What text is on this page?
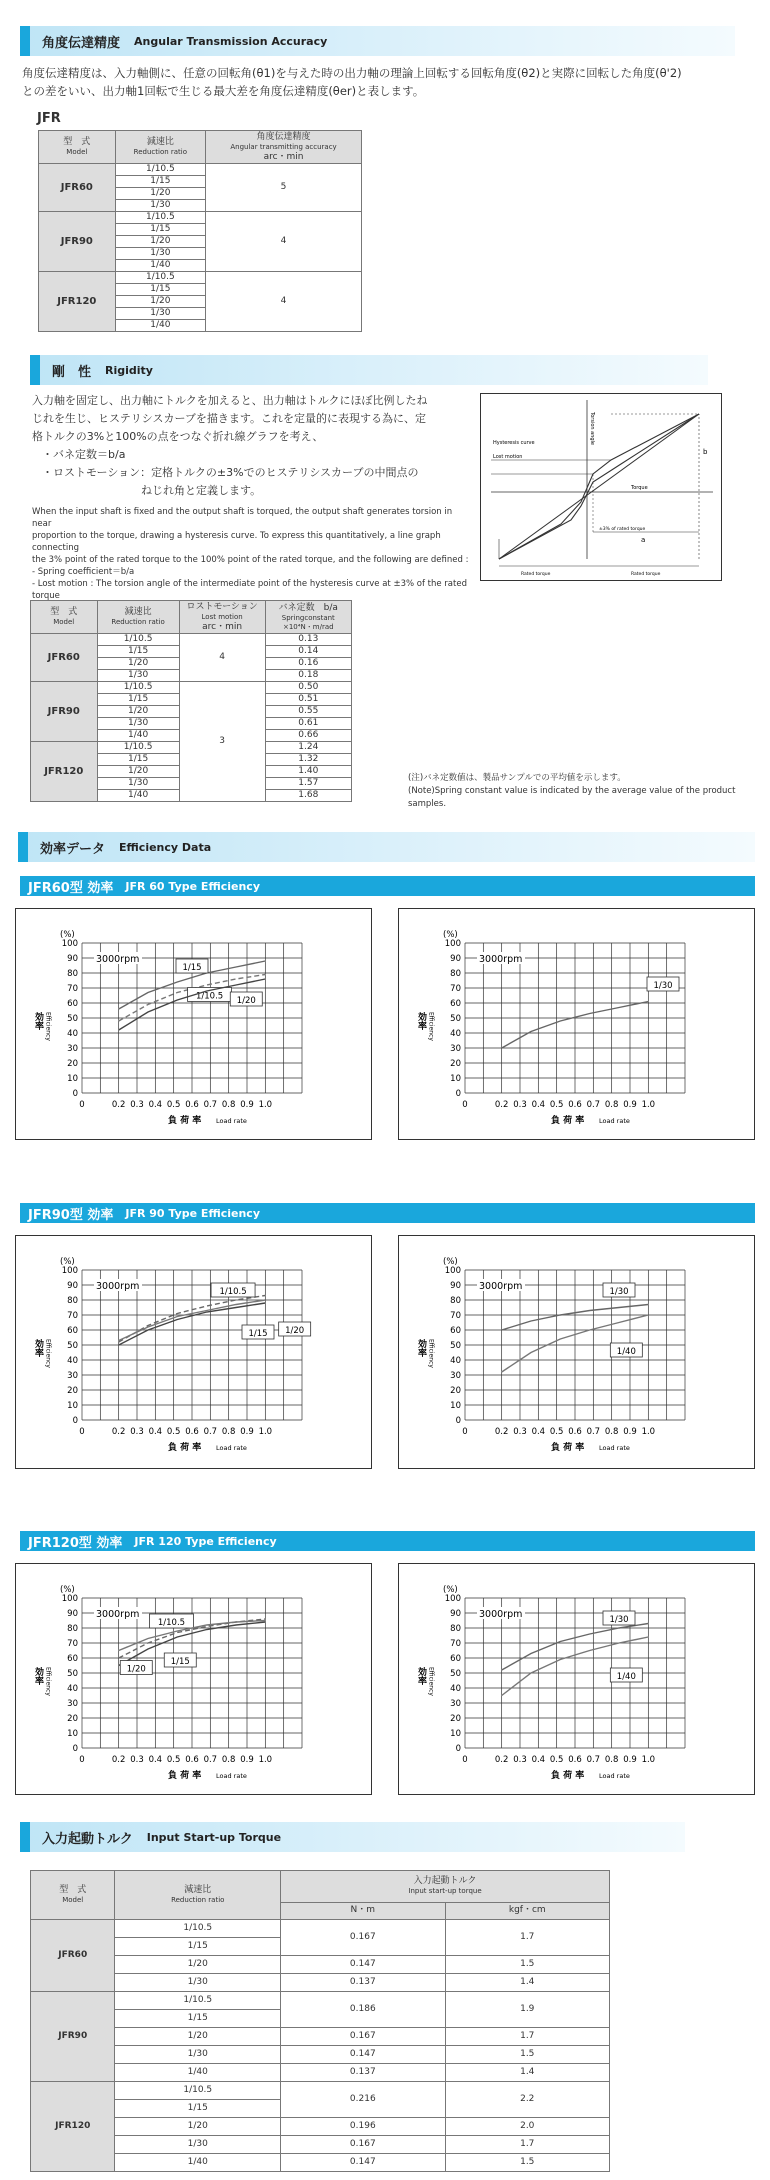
角度伝達精度 Angular Transmission Accuracy
角度伝達精度は、入力軸側に、任意の回転角(θ1)を与えた時の出力軸の理論上回転する回転角度(θ2)と実際に回転した角度(θ'2)
との差をいい、出力軸1回転で生じる最大差を角度伝達精度(θer)と表します。
JFR
型　式
Model	減速比
Reduction ratio	角度伝達精度
Angular transmitting accuracy
arc・min
JFR60	1/10.5	5
	1/15	
	1/20	
	1/30	
JFR90	1/10.5	4
	1/15	
	1/20	
	1/30	
	1/40	
JFR120	1/10.5	4
	1/15	
	1/20	
	1/30	
	1/40	
剛　性 Rigidity
入力軸を固定し、出力軸にトルクを加えると、出力軸はトルクにほぼ比例したね
じれを生じ、ヒステリシスカーブを描きます。これを定量的に表現する為に、定
格トルクの3%と100%の点をつなぐ折れ線グラフを考え、
・バネ定数＝b/a
・ロストモーション：定格トルクの±3%でのヒステリシスカーブの中間点の
　　　　　　　　　ねじれ角と定義します。
When the input shaft is fixed and the output shaft is torqued, the output shaft generates torsion in near
proportion to the torque, drawing a hysteresis curve. To express this quantitatively, a line graph connecting
the 3% point of the rated torque to the 100% point of the rated torque, and the following are defined :
- Spring coefficient＝b/a
- Lost motion : The torsion angle of the intermediate point of the hysteresis curve at ±3% of the rated torque
Torsion angle
Hysteresis curve
Lost motion
Torque
±3% of rated torque
Rated torque	Rated torque
b
a
型　式
Model	減速比
Reduction ratio	ロストモーション
Lost motion
arc・min	バネ定数　b/a
Springconstant
×10⁴N・m/rad

JFR60	1/10.5	4	0.13
	1/15		0.14
	1/20		0.16
	1/30		0.18
JFR90	1/10.5	3	0.50
	1/15		0.51
	1/20		0.55
	1/30		0.61
	1/40		0.66
JFR120	1/10.5		1.24
	1/15		1.32
	1/20		1.40
	1/30		1.57
	1/40		1.68
(注)バネ定数値は、製品サンプルでの平均値を示します。
(Note)Spring constant value is indicated by the average value of the product samples.
効率データ Efficiency Data
JFR60型 効率 JFR 60 Type Efficiency
0
10
20
30
40
50
60
70
80
90
100
0	0.2 0.3 0.4 0.5 0.6 0.7 0.8 0.9 1.0
(%)
効率 Efficiency
負 荷 率 Load rate
3000rpm
1/15
1/10.5 1/20
0
10
20
30
40
50
60
70
80
90
100
0	0.2 0.3 0.4 0.5 0.6 0.7 0.8 0.9 1.0
(%)
効率 Efficiency
負 荷 率 Load rate
3000rpm
1/30
JFR90型 効率 JFR 90 Type Efficiency
0
10
20
30
40
50
60
70
80
90
100
0	0.2 0.3 0.4 0.5 0.6 0.7 0.8 0.9 1.0
(%)
効率 Efficiency
負 荷 率 Load rate
3000rpm	1/10.5
1/15 1/20
0
10
20
30
40
50
60
70
80
90
100
0	0.2 0.3 0.4 0.5 0.6 0.7 0.8 0.9 1.0
(%)
効率 Efficiency
負 荷 率 Load rate
3000rpm	1/30
1/40
JFR120型 効率 JFR 120 Type Efficiency
0
10
20
30
40
50
60
70
80
90
100
0	0.2 0.3 0.4 0.5 0.6 0.7 0.8 0.9 1.0
(%)
効率 Efficiency
負 荷 率 Load rate
3000rpm
1/10.5
1/15
1/20
0
10
20
30
40
50
60
70
80
90
100
0	0.2 0.3 0.4 0.5 0.6 0.7 0.8 0.9 1.0
(%)
効率 Efficiency
負 荷 率 Load rate
3000rpm	1/30
1/40
入力起動トルク Input Start-up Torque
型　式
Model	減速比
Reduction ratio	入力起動トルク
Input start-up torque	

		N・m	kgf・cm
JFR60	1/10.5	0.167	1.7
	1/15		
	1/20	0.147	1.5
	1/30	0.137	1.4
JFR90	1/10.5	0.186	1.9
	1/15		
	1/20	0.167	1.7
	1/30	0.147	1.5
	1/40	0.137	1.4
JFR120	1/10.5	0.216	2.2
	1/15		
	1/20	0.196	2.0
	1/30	0.167	1.7
	1/40	0.147	1.5
